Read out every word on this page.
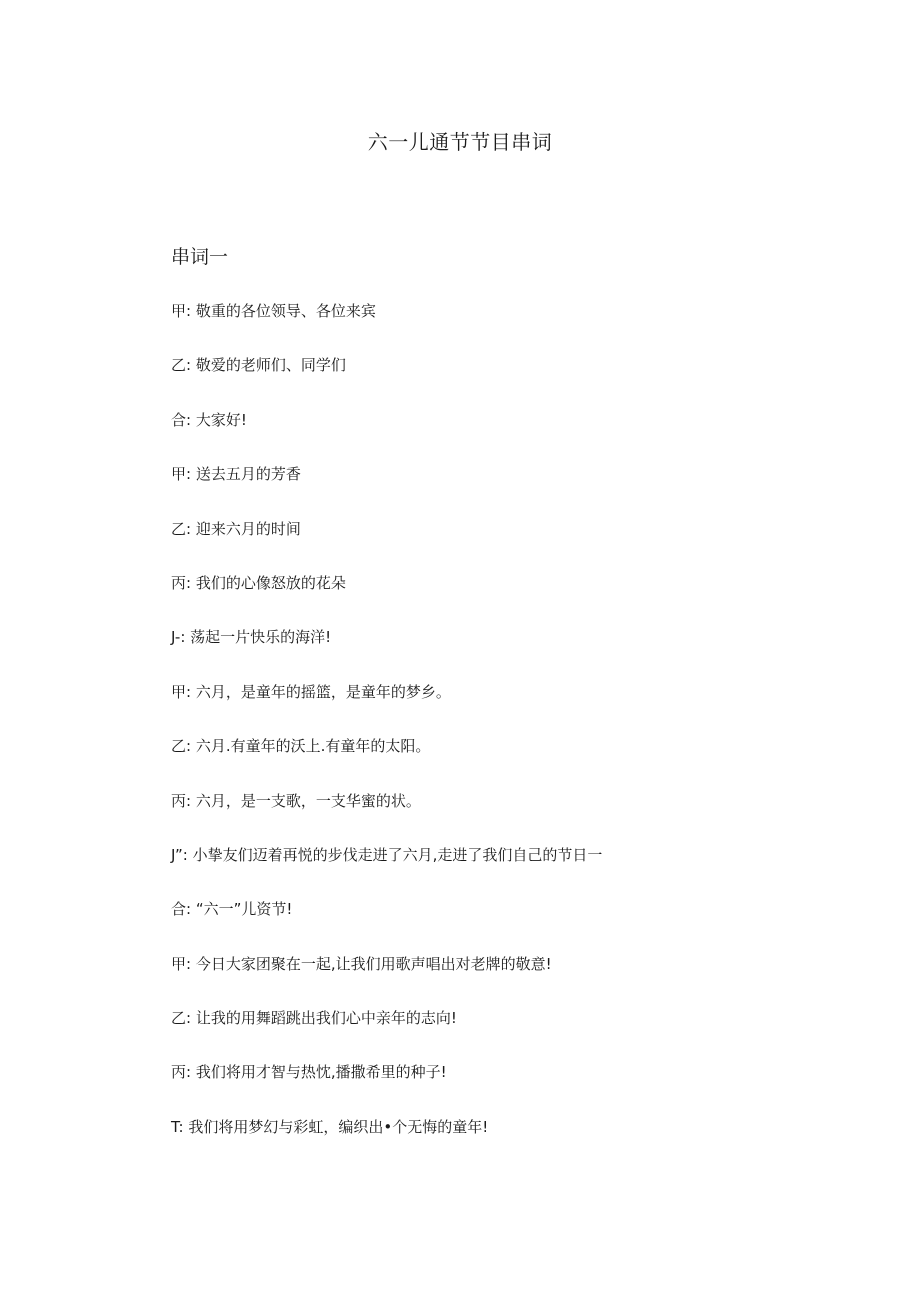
六一儿通节节目串词
串词一
甲: 敬重的各位领导、各位来宾
乙: 敬爱的老师们、同学们
合: 大家好!
甲: 送去五月的芳香
乙: 迎来六月的时间
丙: 我们的心像怒放的花朵
J-: 荡起一片快乐的海洋!
甲: 六月，是童年的摇篮，是童年的梦乡。
乙: 六月.有童年的沃上.有童年的太阳。
丙: 六月，是一支歌，一支华蜜的状。
J”: 小挚友们迈着再悦的步伐走进了六月,走进了我们自己的节日一
合: “六一”儿资节!
甲: 今日大家团聚在一起,让我们用歌声唱出对老牌的敬意!
乙: 让我的用舞蹈跳出我们心中亲年的志向!
丙: 我们将用才智与热忱,播撒希里的种子!
T: 我们将用梦幻与彩虹，编织出•个无悔的童年!
